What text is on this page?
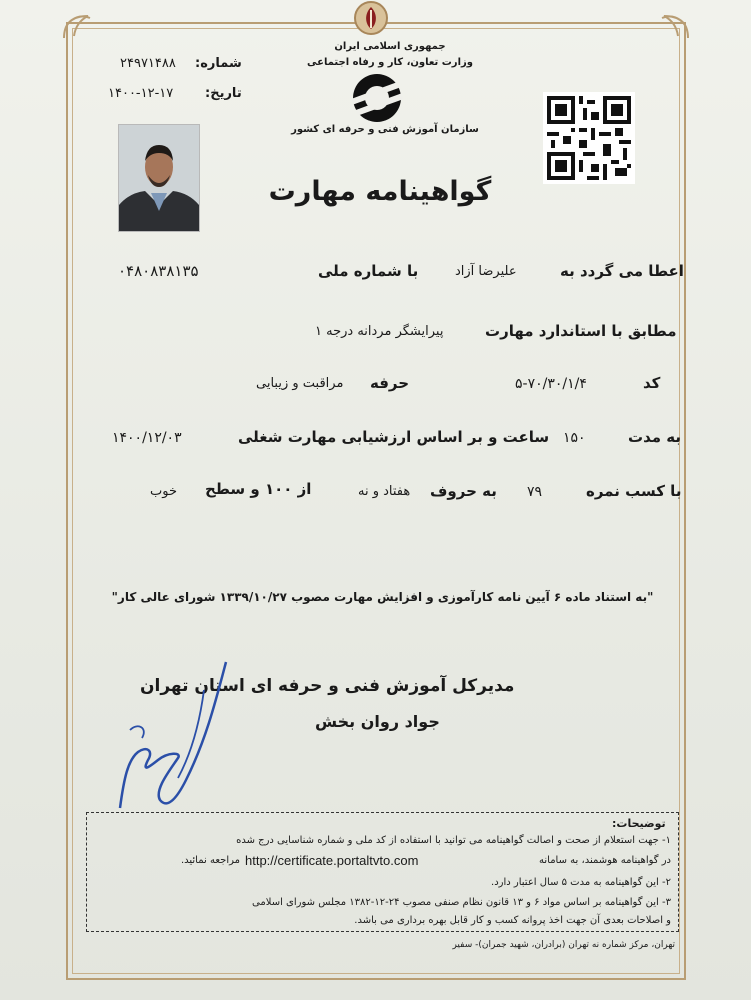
جمهوری اسلامی ایران
وزارت تعاون، کار و رفاه اجتماعی
سازمان آموزش فنی و حرفه ای کشور
شماره:
۲۴۹۷۱۴۸۸
تاریخ:
۱۴۰۰-۱۲-۱۷
گواهینامه مهارت
اعطا می گردد به
علیرضا آزاد
با شماره ملی
۰۴۸۰۸۳۸۱۳۵
مطابق با استاندارد مهارت
پیرایشگر مردانه درجه ۱
کد
۵-۷۰/۳۰/۱/۴
حرفه
مراقبت و زیبایی
به مدت
۱۵۰
ساعت و بر اساس ارزشیابی مهارت شغلی
۱۴۰۰/۱۲/۰۳
با کسب نمره
۷۹
به حروف
هفتاد و نه
از ۱۰۰ و سطح
خوب
"به استناد ماده ۶ آیین نامه کارآموزی و افزایش مهارت مصوب ۱۳۳۹/۱۰/۲۷ شورای عالی کار"
مدیرکل آموزش فنی و حرفه ای استان تهران
جواد روان بخش
توضیحات:
۱- جهت استعلام از صحت و اصالت گواهینامه می توانید با استفاده از کد ملی و شماره شناسایی درج شده
در گواهینامه هوشمند، به سامانه
http://certificate.portaltvto.com
مراجعه نمائید.
۲- این گواهینامه به مدت ۵ سال اعتبار دارد.
۳- این گواهینامه بر اساس مواد ۶ و ۱۳ قانون نظام صنفی مصوب ۲۴-۱۲-۱۳۸۲ مجلس شورای اسلامی
و اصلاحات بعدی آن جهت اخذ پروانه کسب و کار قابل بهره برداری می باشد.
تهران، مرکز شماره نه تهران (برادران، شهید جمران)- سفیر
